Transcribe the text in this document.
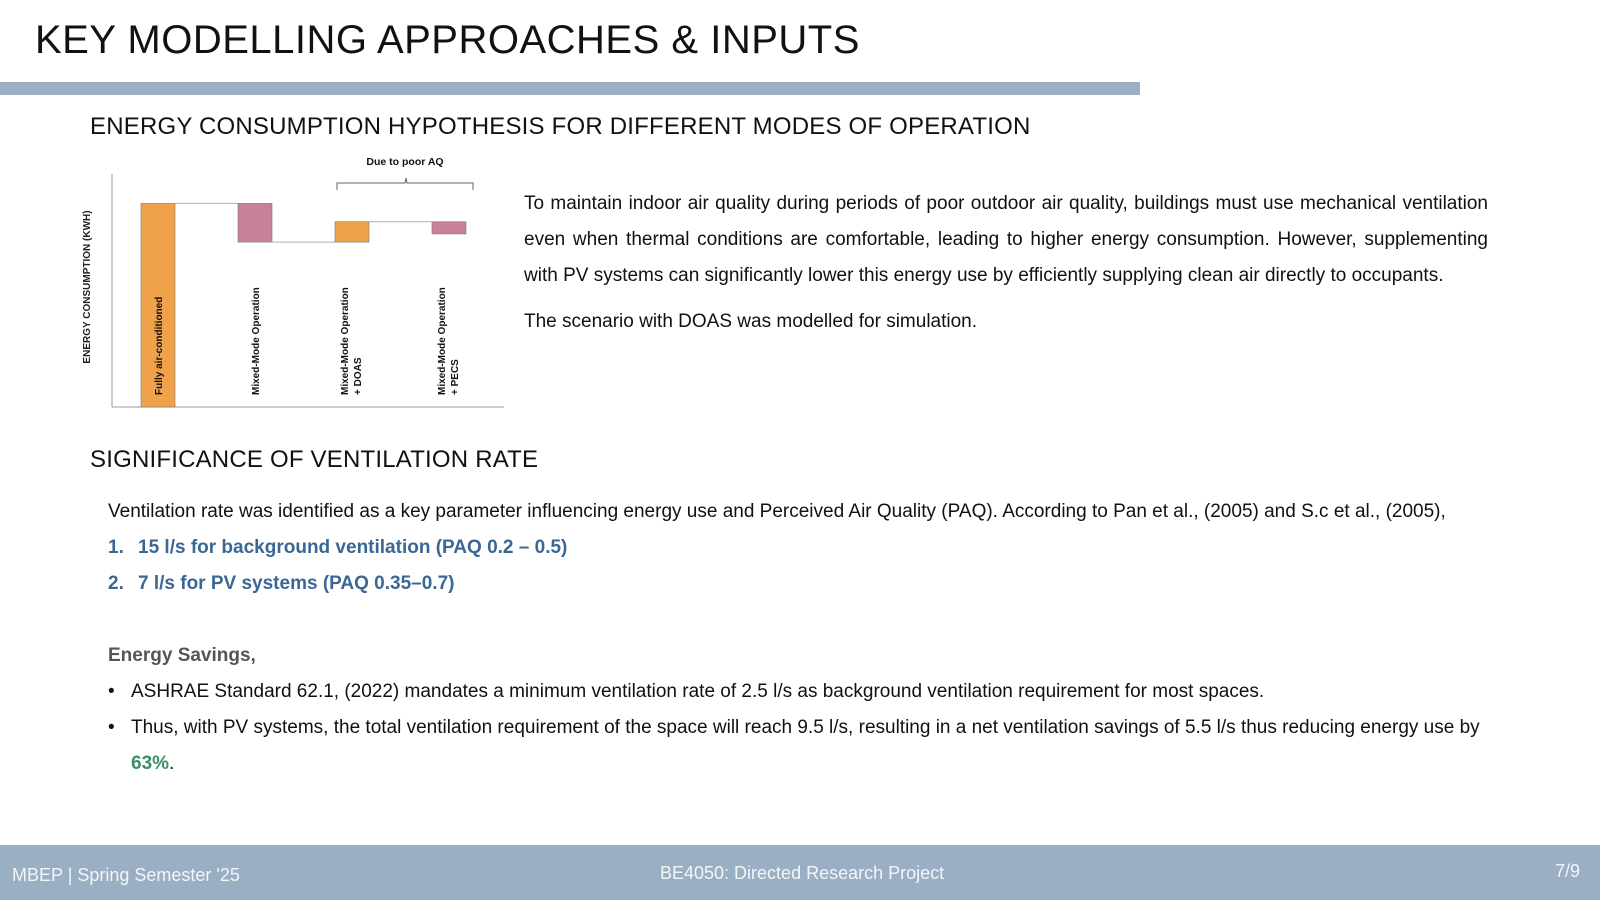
KEY MODELLING APPROACHES & INPUTS
ENERGY CONSUMPTION HYPOTHESIS FOR DIFFERENT MODES OF OPERATION
ENERGY CONSUMPTION (KWH)
Due to poor AQ
Fully air-conditioned	Mixed-Mode Operation	Mixed-Mode Operation + DOAS	Mixed-Mode Operation + PECS

To maintain indoor air quality during periods of poor outdoor air quality, buildings must use mechanical ventilation even when thermal conditions are comfortable, leading to higher energy consumption. However, supplementing with PV systems can significantly lower this energy use by efficiently supplying clean air directly to occupants.

The scenario with DOAS was modelled for simulation.

SIGNIFICANCE OF VENTILATION RATE

Ventilation rate was identified as a key parameter influencing energy use and Perceived Air Quality (PAQ). According to Pan et al., (2005) and S.c et al., (2005),

1. 15 l/s for background ventilation (PAQ 0.2 – 0.5)
2. 7 l/s for PV systems (PAQ 0.35–0.7)

Energy Savings,

• ASHRAE Standard 62.1, (2022) mandates a minimum ventilation rate of 2.5 l/s as background ventilation requirement for most spaces.
• Thus, with PV systems, the total ventilation requirement of the space will reach 9.5 l/s, resulting in a net ventilation savings of 5.5 l/s thus reducing energy use by 63%.
MBEP | Spring Semester '25	BE4050: Directed Research Project	7/9
